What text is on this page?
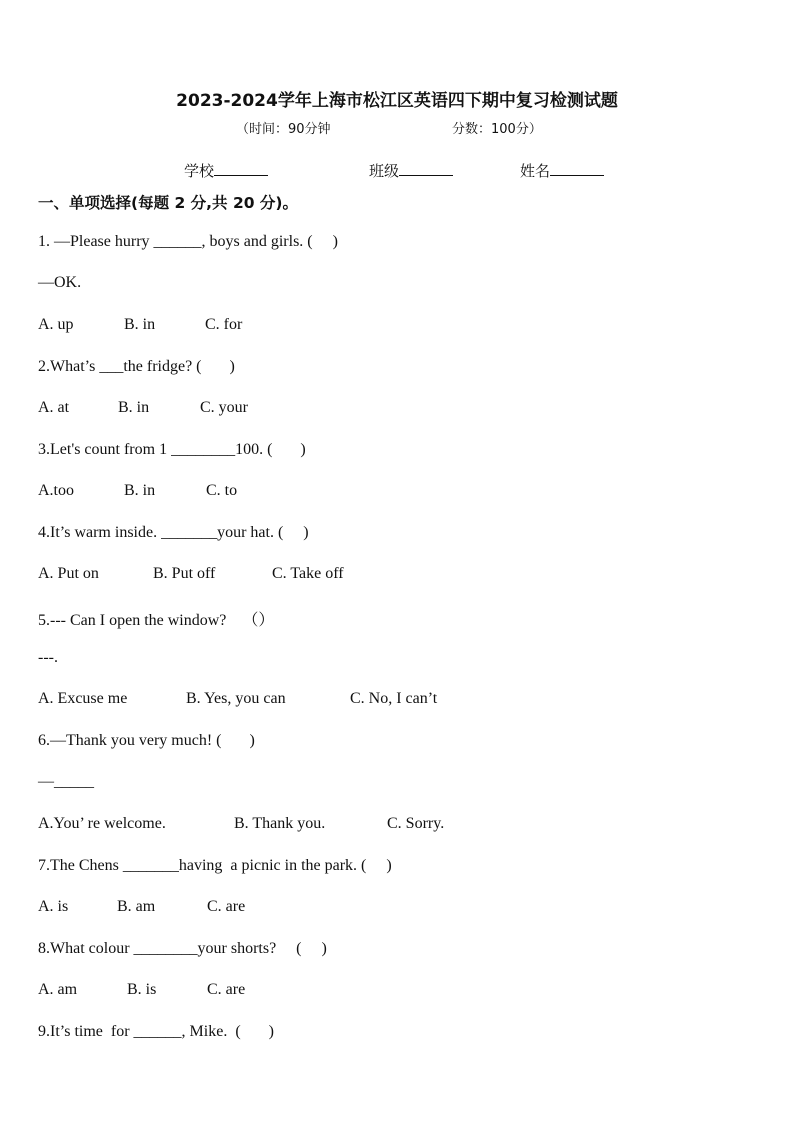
2023-2024学年上海市松江区英语四下期中复习检测试题
（时间：90分钟	分数：100分）
学校	班级	姓名
一、单项选择(每题 2 分,共 20 分)。
1. —Please hurry ______, boys and girls. (     )
—OK.
A. up	B. in	C. for
2.What’s ___the fridge? (       )
A. at	B. in	C. your
3.Let's count from 1 ________100. (       )
A.too	B. in	C. to
4.It’s warm inside. _______your hat. (     )
A. Put on	B. Put off	C. Take off
5.--- Can I open the window?    （）
---.
A. Excuse me	B. Yes, you can	C. No, I can’t
6.—Thank you very much! (       )
—_____
A.You’ re welcome.	B. Thank you.	C. Sorry.
7.The Chens _______having  a picnic in the park. (     )
A. is	B. am	C. are
8.What colour ________your shorts?     (     )
A. am	B. is	C. are
9.It’s time  for ______, Mike.  (       )
